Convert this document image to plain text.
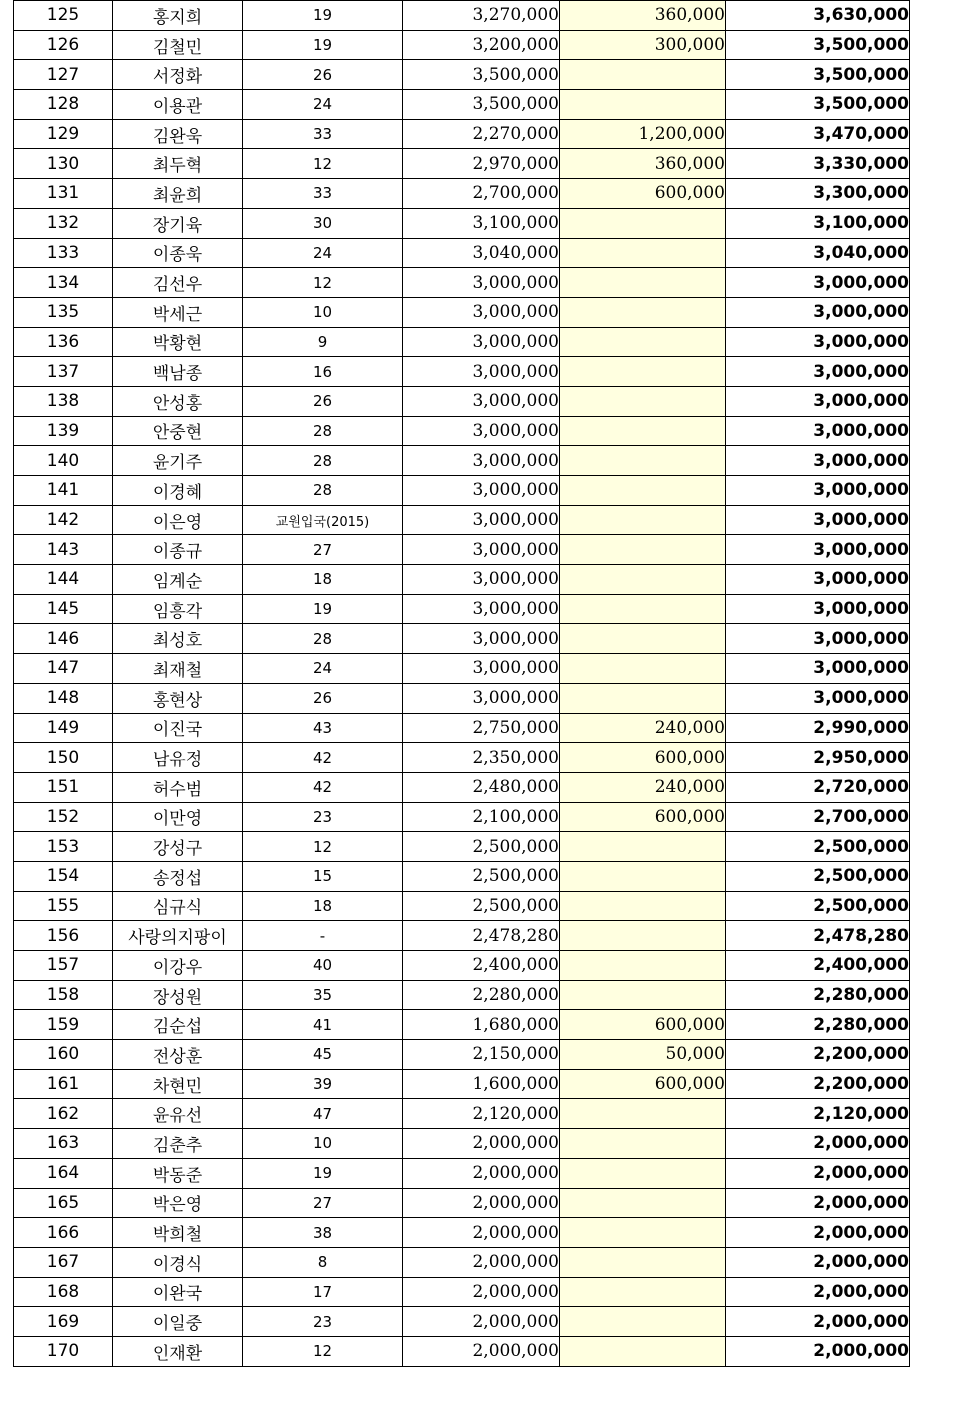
125	홍지희	19	3,270,000	360,000	3,630,000
126	김철민	19	3,200,000	300,000	3,500,000
127	서정화	26	3,500,000		3,500,000
128	이용관	24	3,500,000		3,500,000
129	김완욱	33	2,270,000	1,200,000	3,470,000
130	최두혁	12	2,970,000	360,000	3,330,000
131	최윤희	33	2,700,000	600,000	3,300,000
132	장기육	30	3,100,000		3,100,000
133	이종욱	24	3,040,000		3,040,000
134	김선우	12	3,000,000		3,000,000
135	박세근	10	3,000,000		3,000,000
136	박황현	9	3,000,000		3,000,000
137	백남종	16	3,000,000		3,000,000
138	안성홍	26	3,000,000		3,000,000
139	안중현	28	3,000,000		3,000,000
140	윤기주	28	3,000,000		3,000,000
141	이경혜	28	3,000,000		3,000,000
142	이은영	교원입국(2015)	3,000,000		3,000,000
143	이종규	27	3,000,000		3,000,000
144	임계순	18	3,000,000		3,000,000
145	임흥각	19	3,000,000		3,000,000
146	최성호	28	3,000,000		3,000,000
147	최재철	24	3,000,000		3,000,000
148	홍현상	26	3,000,000		3,000,000
149	이진국	43	2,750,000	240,000	2,990,000
150	남유정	42	2,350,000	600,000	2,950,000
151	허수범	42	2,480,000	240,000	2,720,000
152	이만영	23	2,100,000	600,000	2,700,000
153	강성구	12	2,500,000		2,500,000
154	송정섭	15	2,500,000		2,500,000
155	심규식	18	2,500,000		2,500,000
156	사랑의지팡이	-	2,478,280		2,478,280
157	이강우	40	2,400,000		2,400,000
158	장성원	35	2,280,000		2,280,000
159	김순섭	41	1,680,000	600,000	2,280,000
160	전상훈	45	2,150,000	50,000	2,200,000
161	차현민	39	1,600,000	600,000	2,200,000
162	윤유선	47	2,120,000		2,120,000
163	김춘추	10	2,000,000		2,000,000
164	박동준	19	2,000,000		2,000,000
165	박은영	27	2,000,000		2,000,000
166	박희철	38	2,000,000		2,000,000
167	이경식	8	2,000,000		2,000,000
168	이완국	17	2,000,000		2,000,000
169	이일중	23	2,000,000		2,000,000
170	인재환	12	2,000,000		2,000,000
